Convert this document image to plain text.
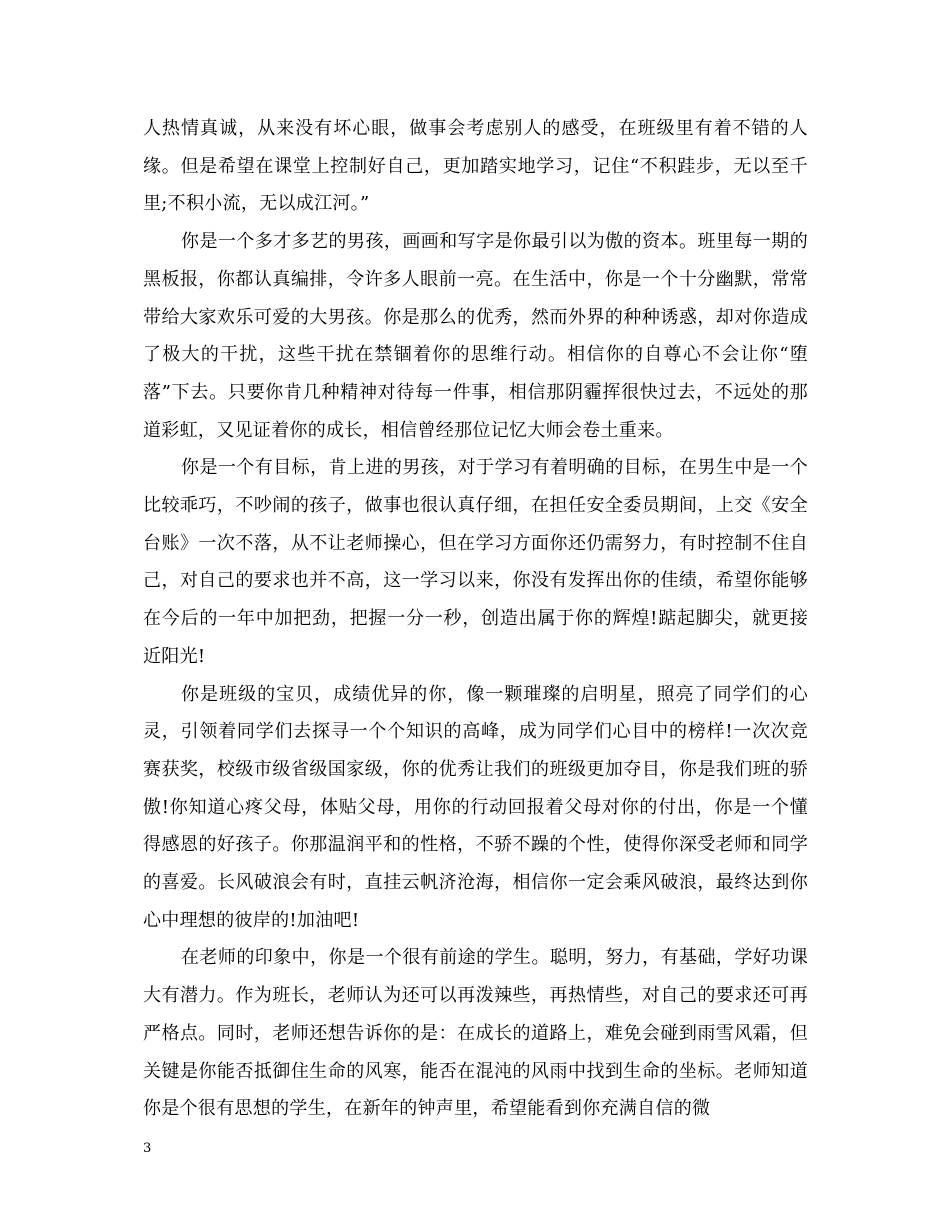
人热情真诚，从来没有坏心眼，做事会考虑别人的感受，在班级里有着不错的人缘。但是希望在课堂上控制好自己，更加踏实地学习，记住“不积跬步，无以至千里;不积小流，无以成江河。”

你是一个多才多艺的男孩，画画和写字是你最引以为傲的资本。班里每一期的黑板报，你都认真编排，令许多人眼前一亮。在生活中，你是一个十分幽默，常常带给大家欢乐可爱的大男孩。你是那么的优秀，然而外界的种种诱惑，却对你造成了极大的干扰，这些干扰在禁锢着你的思维行动。相信你的自尊心不会让你“堕落”下去。只要你肯几种精神对待每一件事，相信那阴霾挥很快过去，不远处的那道彩虹，又见证着你的成长，相信曾经那位记忆大师会卷土重来。

你是一个有目标，肯上进的男孩，对于学习有着明确的目标，在男生中是一个比较乖巧，不吵闹的孩子，做事也很认真仔细，在担任安全委员期间，上交《安全台账》一次不落，从不让老师操心，但在学习方面你还仍需努力，有时控制不住自己，对自己的要求也并不高，这一学习以来，你没有发挥出你的佳绩，希望你能够在今后的一年中加把劲，把握一分一秒，创造出属于你的辉煌!踮起脚尖，就更接近阳光!

你是班级的宝贝，成绩优异的你，像一颗璀璨的启明星，照亮了同学们的心灵，引领着同学们去探寻一个个知识的高峰，成为同学们心目中的榜样!一次次竞赛获奖，校级市级省级国家级，你的优秀让我们的班级更加夺目，你是我们班的骄傲!你知道心疼父母，体贴父母，用你的行动回报着父母对你的付出，你是一个懂得感恩的好孩子。你那温润平和的性格，不骄不躁的个性，使得你深受老师和同学的喜爱。长风破浪会有时，直挂云帆济沧海，相信你一定会乘风破浪，最终达到你心中理想的彼岸的!加油吧!

在老师的印象中，你是一个很有前途的学生。聪明，努力，有基础，学好功课大有潜力。作为班长，老师认为还可以再泼辣些，再热情些，对自己的要求还可再严格点。同时，老师还想告诉你的是：在成长的道路上，难免会碰到雨雪风霜，但关键是你能否抵御住生命的风寒，能否在混沌的风雨中找到生命的坐标。老师知道你是个很有思想的学生，在新年的钟声里，希望能看到你充满自信的微

3
